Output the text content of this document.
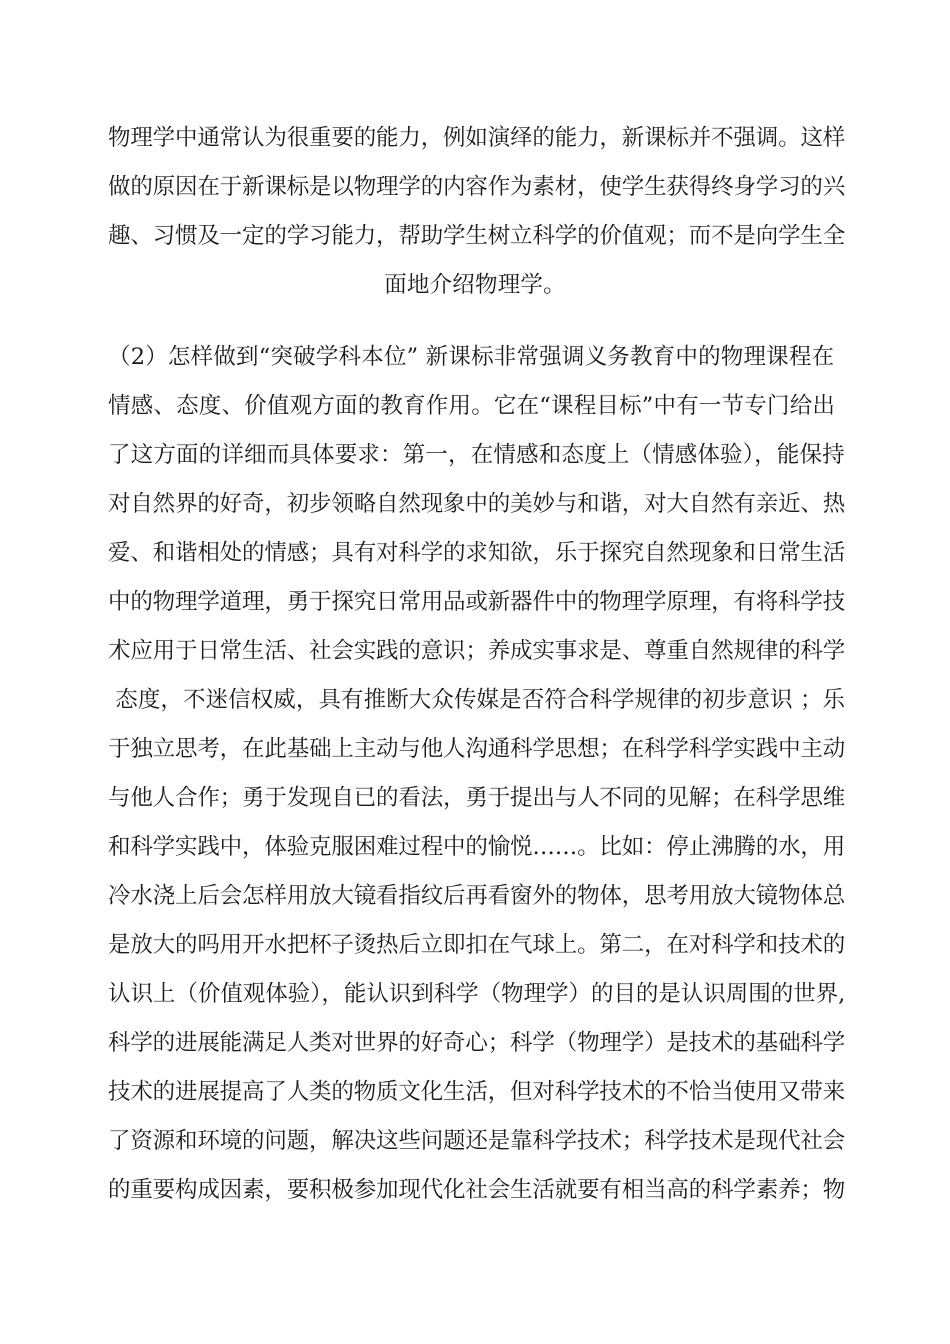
物理学中通常认为很重要的能力，例如演绎的能力，新课标并不强调。这样
做的原因在于新课标是以物理学的内容作为素材，使学生获得终身学习的兴
趣、习惯及一定的学习能力，帮助学生树立科学的价值观；而不是向学生全
面地介绍物理学。
（2）怎样做到“突破学科本位” 新课标非常强调义务教育中的物理课程在
情感、态度、价值观方面的教育作用。它在“课程目标”中有一节专门给出
了这方面的详细而具体要求：第一，在情感和态度上（情感体验），能保持
对自然界的好奇，初步领略自然现象中的美妙与和谐，对大自然有亲近、热
爱、和谐相处的情感；具有对科学的求知欲，乐于探究自然现象和日常生活
中的物理学道理，勇于探究日常用品或新器件中的物理学原理，有将科学技
术应用于日常生活、社会实践的意识；养成实事求是、尊重自然规律的科学
态度，不迷信权威，具有推断大众传媒是否符合科学规律的初步意识 ；乐
于独立思考，在此基础上主动与他人沟通科学思想；在科学科学实践中主动
与他人合作；勇于发现自已的看法，勇于提出与人不同的见解；在科学思维
和科学实践中，体验克服困难过程中的愉悦……。比如：停止沸腾的水，用
冷水浇上后会怎样用放大镜看指纹后再看窗外的物体，思考用放大镜物体总
是放大的吗用开水把杯子烫热后立即扣在气球上。第二，在对科学和技术的
认识上（价值观体验），能认识到科学（物理学）的目的是认识周围的世界,
科学的进展能满足人类对世界的好奇心；科学（物理学）是技术的基础科学
技术的进展提高了人类的物质文化生活，但对科学技术的不恰当使用又带来
了资源和环境的问题，解决这些问题还是靠科学技术；科学技术是现代社会
的重要构成因素，要积极参加现代化社会生活就要有相当高的科学素养；物
